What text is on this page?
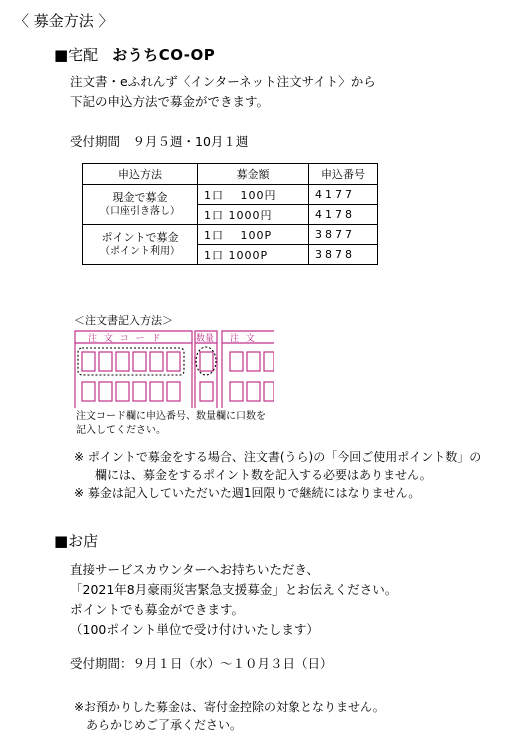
〈 募金方法 〉
■宅配 おうちCO-OP
注文書・eふれんず〈インターネット注文サイト〉から
下記の申込方法で募金ができます。
受付期間　９月５週・10月１週
申込方法	募金額	申込番号

現金で募金
（口座引き落し）	1口　 100円	4177
	1口 1000円	4178

ポイントで募金
（ポイント利用）	1口　 100P	3877
	1口 1000P	3878
＜注文書記入方法＞
注 文 コ ー ド	数量 注 文
注文コード欄に申込番号、数量欄に口数を
記入してください。
※ ポイントで募金をする場合、注文書(うら)の「今回ご使用ポイント数」の
欄には、募金をするポイント数を記入する必要はありません。
※ 募金は記入していただいた週1回限りで継続にはなりません。
■お店
直接サービスカウンターへお持ちいただき、
「2021年8月豪雨災害緊急支援募金」とお伝えください。
ポイントでも募金ができます。
（100ポイント単位で受け付けいたします）
受付期間：９月１日（水）～１０月３日（日）
※お預かりした募金は、寄付金控除の対象となりません。
あらかじめご了承ください。
